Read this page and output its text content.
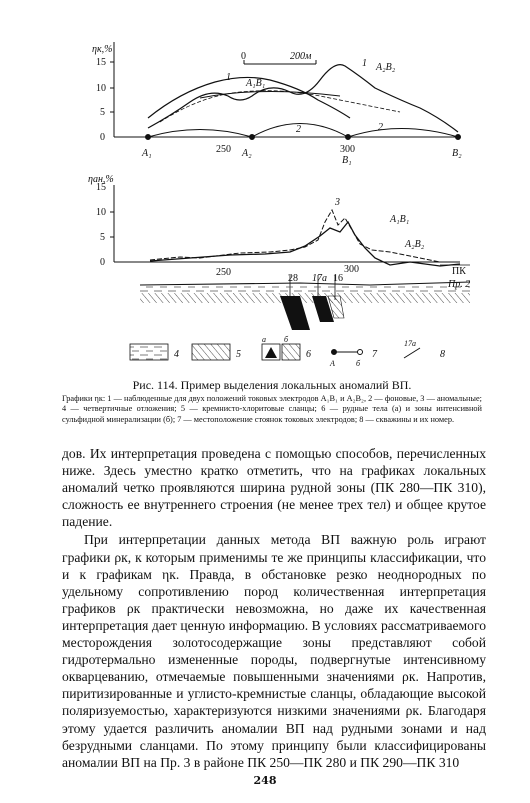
ηк,%
15
10
5
0
0	200м
1
A₁B₁
1 A₂B₂
2	2
A₁	250 A₂	300
B₁
B₂
ηан,%
15
10
5
0
3
A₁B₁
A₂B₂
250
28 17а 16
300	ПК
Пр. 2
4	5
а б
6
А	б
7
17а
8
Рис. 114. Пример выделения локальных аномалий ВП.
Графики ηк: 1 — наблюденные для двух положений токовых электродов A₁B₁ и A₂B₂, 2 — фоновые, 3 — аномальные; 4 — четвертичные отложения; 5 — кремнисто-хлоритовые сланцы; 6 — рудные тела (а) и зоны интенсивной сульфидной минерализации (б); 7 — местоположение стоянок токовых электродов; 8 — скважины и их номер.

дов. Их интерпретация проведена с помощью способов, перечисленных ниже. Здесь уместно кратко отметить, что на графиках локальных аномалий четко проявляются ширина рудной зоны (ПК 280—ПК 310), сложность ее внутреннего строения (не менее трех тел) и общее крутое падение.

При интерпретации данных метода ВП важную роль играют графики ρк, к которым применимы те же принципы классификации, что и к графикам ηк. Правда, в обстановке резко неоднородных по удельному сопротивлению пород количественная интерпретация графиков ρк практически невозможна, но даже их качественная интерпретация дает ценную информацию. В условиях рассматриваемого месторождения золотосодержащие зоны представляют собой гидротермально измененные породы, подвергнутые интенсивному окварцеванию, отмечаемые повышенными значениями ρк. Напротив, пиритизированные и углисто-кремнистые сланцы, обладающие высокой поляризуемостью, характеризуются низкими значениями ρк. Благодаря этому удается различить аномалии ВП над рудными зонами и над безрудными сланцами. По этому принципу были классифицированы аномалии ВП на Пр. 3 в районе ПК 250—ПК 280 и ПК 290—ПК 310

248
